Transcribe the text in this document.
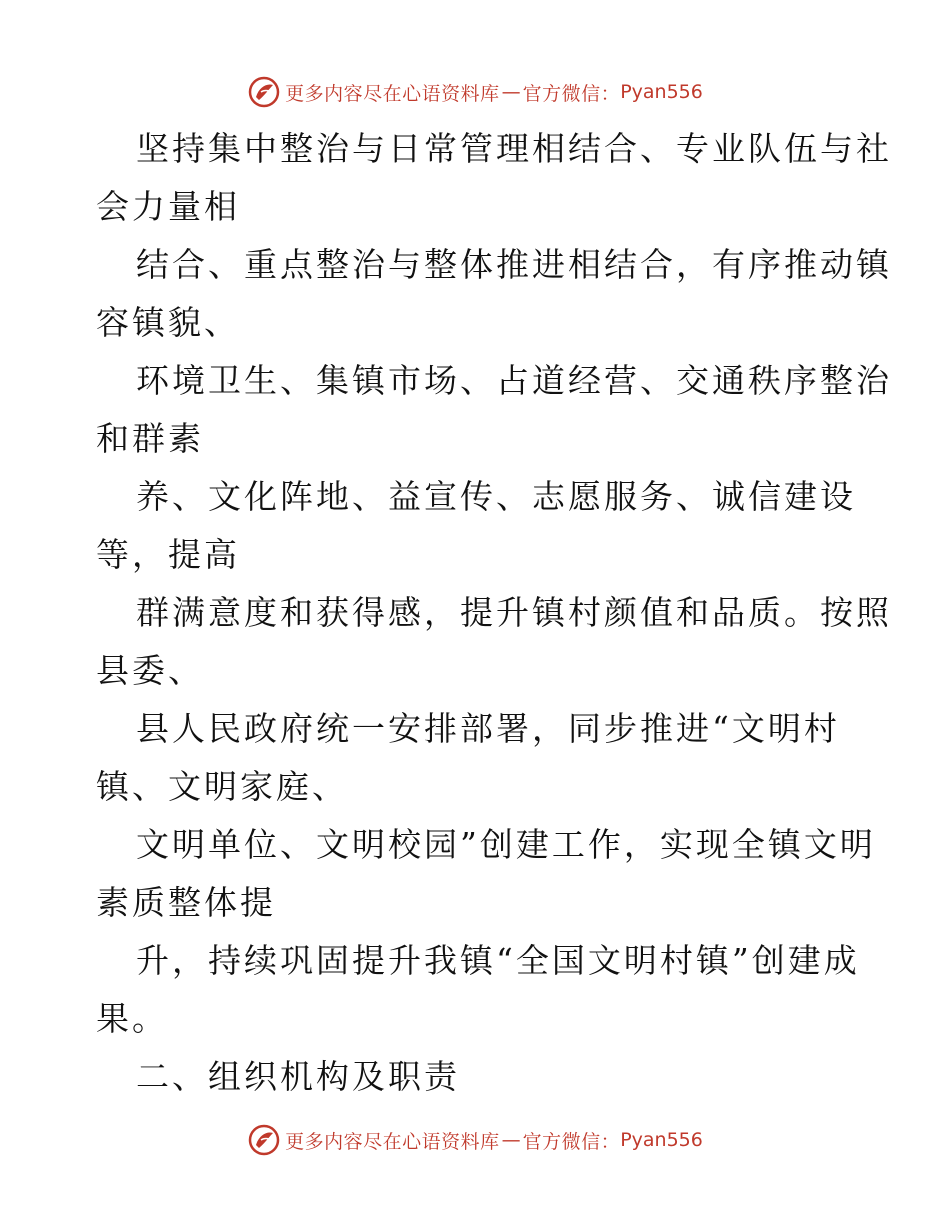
更多内容尽在心语资料库 — 官方微信： Pyan556
坚持集中整治与日常管理相结合、专业队伍与社
会力量相
结合、重点整治与整体推进相结合，有序推动镇
容镇貌、
环境卫生、集镇市场、占道经营、交通秩序整治
和群素
养、文化阵地、益宣传、志愿服务、诚信建设
等，提高
群满意度和获得感，提升镇村颜值和品质。按照
县委、
县人民政府统一安排部署，同步推进“文明村
镇、文明家庭、
文明单位、文明校园”创建工作，实现全镇文明
素质整体提
升，持续巩固提升我镇“全国文明村镇”创建成
果。
二、组织机构及职责
更多内容尽在心语资料库 — 官方微信： Pyan556
